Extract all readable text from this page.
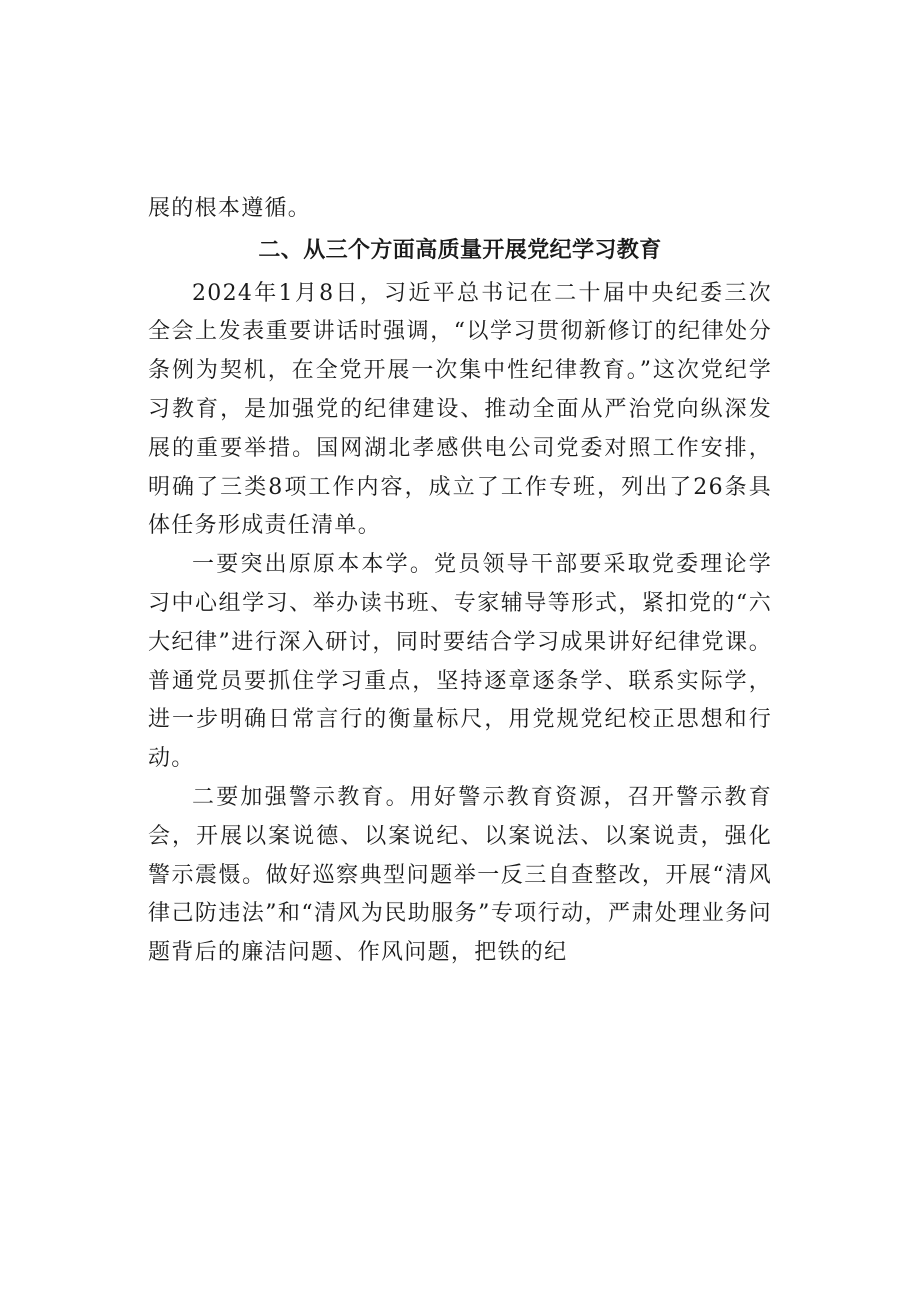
展的根本遵循。
二、从三个方面高质量开展党纪学习教育

2024年1月8日，习近平总书记在二十届中央纪委三次全会上发表重要讲话时强调，“以学习贯彻新修订的纪律处分条例为契机，在全党开展一次集中性纪律教育。”这次党纪学习教育，是加强党的纪律建设、推动全面从严治党向纵深发展的重要举措。国网湖北孝感供电公司党委对照工作安排，明确了三类8项工作内容，成立了工作专班，列出了26条具体任务形成责任清单。

一要突出原原本本学。党员领导干部要采取党委理论学习中心组学习、举办读书班、专家辅导等形式，紧扣党的“六大纪律”进行深入研讨，同时要结合学习成果讲好纪律党课。普通党员要抓住学习重点，坚持逐章逐条学、联系实际学，进一步明确日常言行的衡量标尺，用党规党纪校正思想和行动。

二要加强警示教育。用好警示教育资源，召开警示教育会，开展以案说德、以案说纪、以案说法、以案说责，强化警示震慑。做好巡察典型问题举一反三自查整改，开展“清风律己防违法”和“清风为民助服务”专项行动，严肃处理业务问题背后的廉洁问题、作风问题，把铁的纪
